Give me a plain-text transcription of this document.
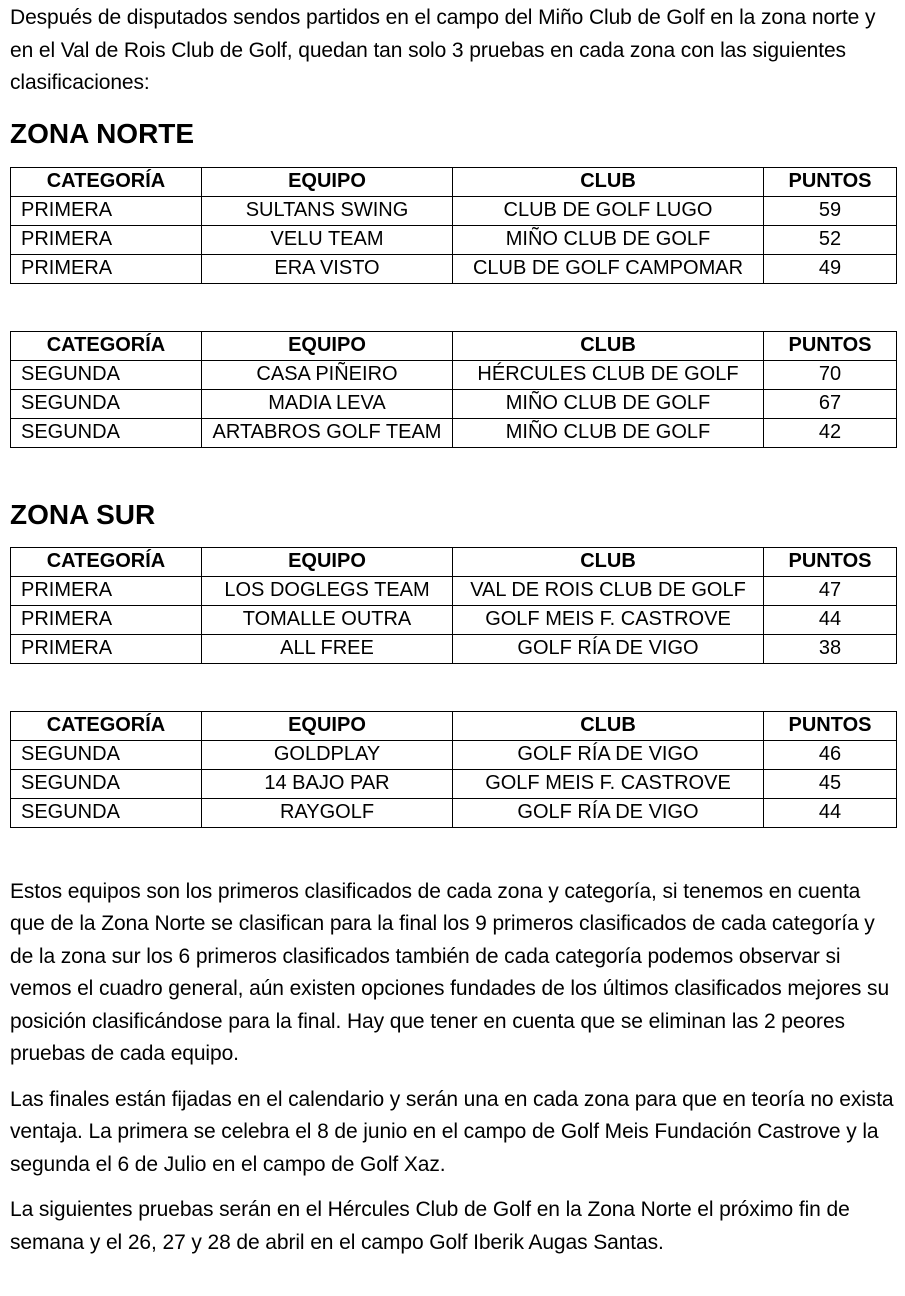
Después de disputados sendos partidos en el campo del Miño Club de Golf en la zona norte y en el Val de Rois Club de Golf, quedan tan solo 3 pruebas en cada zona con las siguientes clasificaciones:

ZONA NORTE
CATEGORÍA	EQUIPO	CLUB	PUNTOS
PRIMERA	SULTANS SWING	CLUB DE GOLF LUGO	59
PRIMERA	VELU TEAM	MIÑO CLUB DE GOLF	52
PRIMERA	ERA VISTO	CLUB DE GOLF CAMPOMAR	49
CATEGORÍA	EQUIPO	CLUB	PUNTOS
SEGUNDA	CASA PIÑEIRO	HÉRCULES CLUB DE GOLF	70
SEGUNDA	MADIA LEVA	MIÑO CLUB DE GOLF	67
SEGUNDA	ARTABROS GOLF TEAM	MIÑO CLUB DE GOLF	42
ZONA SUR
CATEGORÍA	EQUIPO	CLUB	PUNTOS
PRIMERA	LOS DOGLEGS TEAM	VAL DE ROIS CLUB DE GOLF	47
PRIMERA	TOMALLE OUTRA	GOLF MEIS F. CASTROVE	44
PRIMERA	ALL FREE	GOLF RÍA DE VIGO	38
CATEGORÍA	EQUIPO	CLUB	PUNTOS
SEGUNDA	GOLDPLAY	GOLF RÍA DE VIGO	46
SEGUNDA	14 BAJO PAR	GOLF MEIS F. CASTROVE	45
SEGUNDA	RAYGOLF	GOLF RÍA DE VIGO	44

Estos equipos son los primeros clasificados de cada zona y categoría, si tenemos en cuenta que de la Zona Norte se clasifican para la final los 9 primeros clasificados de cada categoría y de la zona sur los 6 primeros clasificados también de cada categoría podemos observar si vemos el cuadro general, aún existen opciones fundades de los últimos clasificados mejores su posición clasificándose para la final. Hay que tener en cuenta que se eliminan las 2 peores pruebas de cada equipo.

Las finales están fijadas en el calendario y serán una en cada zona para que en teoría no exista ventaja. La primera se celebra el 8 de junio en el campo de Golf Meis Fundación Castrove y la segunda el 6 de Julio en el campo de Golf Xaz.

La siguientes pruebas serán en el Hércules Club de Golf en la Zona Norte el próximo fin de semana y el 26, 27 y 28 de abril en el campo Golf Iberik Augas Santas.
